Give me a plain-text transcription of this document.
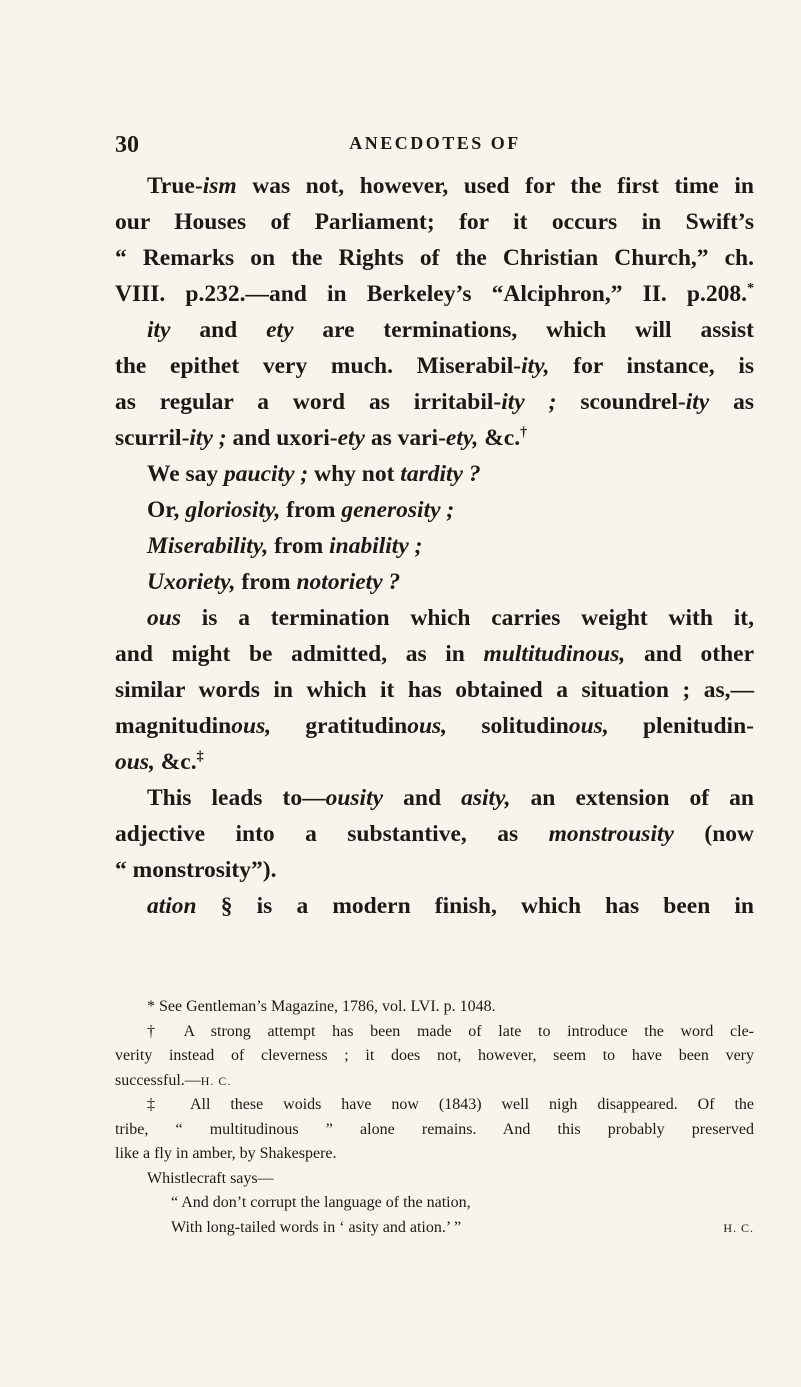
30	ANECDOTES OF
True-ism was not, however, used for the first time in
our Houses of Parliament; for it occurs in Swift’s
“ Remarks on the Rights of the Christian Church,” ch.
VIII. p.232.—and in Berkeley’s “Alciphron,” II. p.208.*
ity and ety are terminations, which will assist
the epithet very much. Miserabil-ity, for instance, is
as regular a word as irritabil-ity ; scoundrel-ity as
scurril-ity ; and uxori-ety as vari-ety, &c.†
We say paucity ; why not tardity ?
Or, gloriosity, from generosity ;
Miserability, from inability ;
Uxoriety, from notoriety ?
ous is a termination which carries weight with it,
and might be admitted, as in multitudinous, and other
similar words in which it has obtained a situation ; as,—
magnitudinous, gratitudinous, solitudinous, plenitudin-
ous, &c.‡
This leads to—ousity and asity, an extension of an
adjective into a substantive, as monstrousity (now
“ monstrosity”).
ation § is a modern finish, which has been in
* See Gentleman’s Magazine, 1786, vol. LVI. p. 1048.
† A strong attempt has been made of late to introduce the word cle-
verity instead of cleverness ; it does not, however, seem to have been very
successful.—H. C.
‡ All these woids have now (1843) well nigh disappeared. Of the
tribe, “ multitudinous ” alone remains. And this probably preserved
like a fly in amber, by Shakespere.
Whistlecraft says—
“ And don’t corrupt the language of the nation,
With long-tailed words in ‘ asity and ation.’ ”	H. C.
